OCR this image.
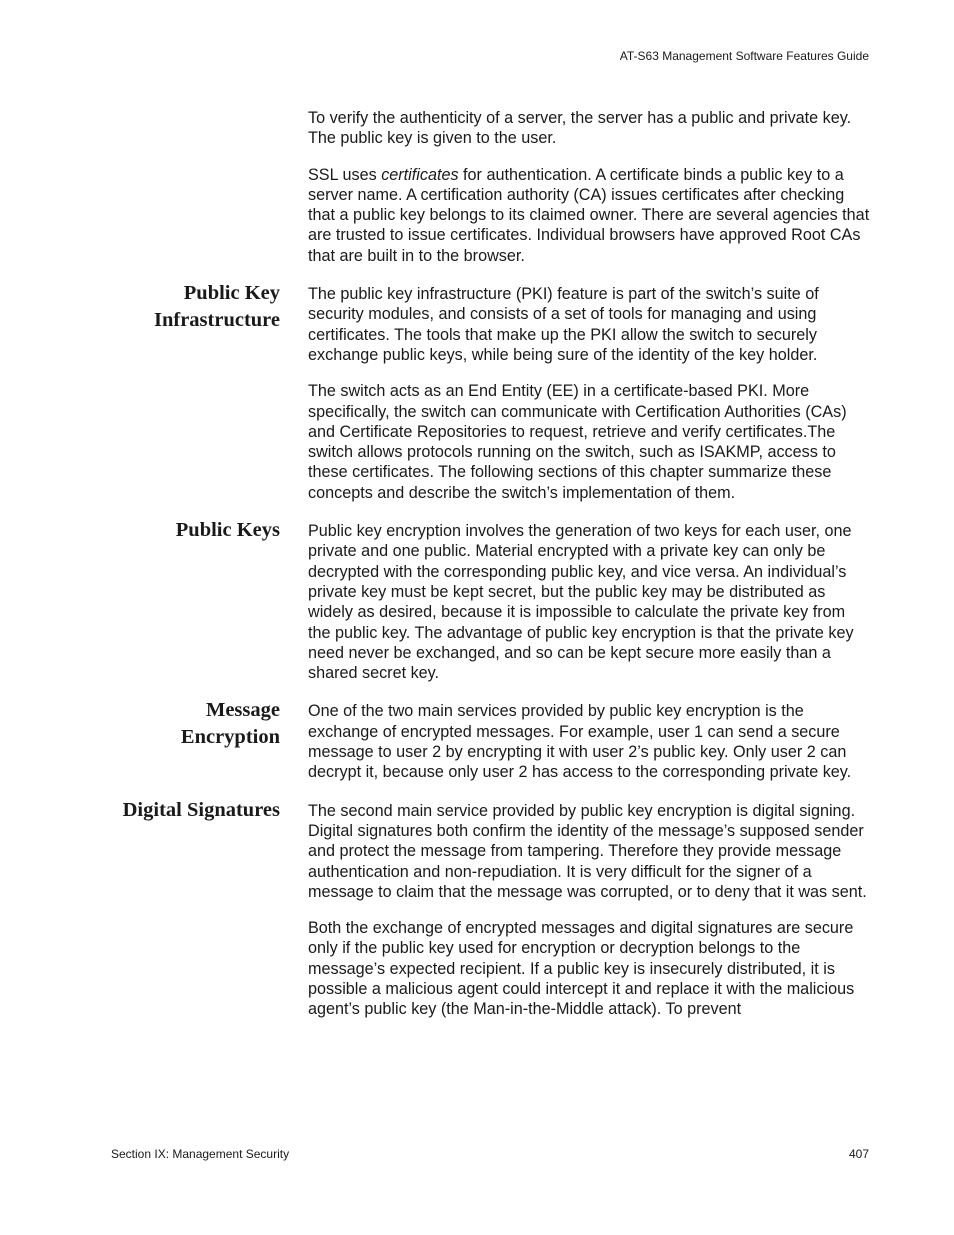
AT-S63 Management Software Features Guide

To verify the authenticity of a server, the server has a public and private key. The public key is given to the user.

SSL uses certificates for authentication. A certificate binds a public key to a server name. A certification authority (CA) issues certificates after checking that a public key belongs to its claimed owner. There are several agencies that are trusted to issue certificates. Individual browsers have approved Root CAs that are built in to the browser.

Public Key
Infrastructure

The public key infrastructure (PKI) feature is part of the switch’s suite of security modules, and consists of a set of tools for managing and using certificates. The tools that make up the PKI allow the switch to securely exchange public keys, while being sure of the identity of the key holder.

The switch acts as an End Entity (EE) in a certificate-based PKI. More specifically, the switch can communicate with Certification Authorities (CAs) and Certificate Repositories to request, retrieve and verify certificates.The switch allows protocols running on the switch, such as ISAKMP, access to these certificates. The following sections of this chapter summarize these concepts and describe the switch’s implementation of them.

Public Keys Public key encryption involves the generation of two keys for each user, one private and one public. Material encrypted with a private key can only be decrypted with the corresponding public key, and vice versa. An individual’s private key must be kept secret, but the public key may be distributed as widely as desired, because it is impossible to calculate the private key from the public key. The advantage of public key encryption is that the private key need never be exchanged, and so can be kept secure more easily than a shared secret key.

Message
Encryption

One of the two main services provided by public key encryption is the exchange of encrypted messages. For example, user 1 can send a secure message to user 2 by encrypting it with user 2’s public key. Only user 2 can decrypt it, because only user 2 has access to the corresponding private key.

Digital Signatures The second main service provided by public key encryption is digital signing. Digital signatures both confirm the identity of the message’s supposed sender and protect the message from tampering. Therefore they provide message authentication and non-repudiation. It is very difficult for the signer of a message to claim that the message was corrupted, or to deny that it was sent.

Both the exchange of encrypted messages and digital signatures are secure only if the public key used for encryption or decryption belongs to the message’s expected recipient. If a public key is insecurely distributed, it is possible a malicious agent could intercept it and replace it with the malicious agent’s public key (the Man-in-the-Middle attack). To prevent

Section IX: Management Security	407
